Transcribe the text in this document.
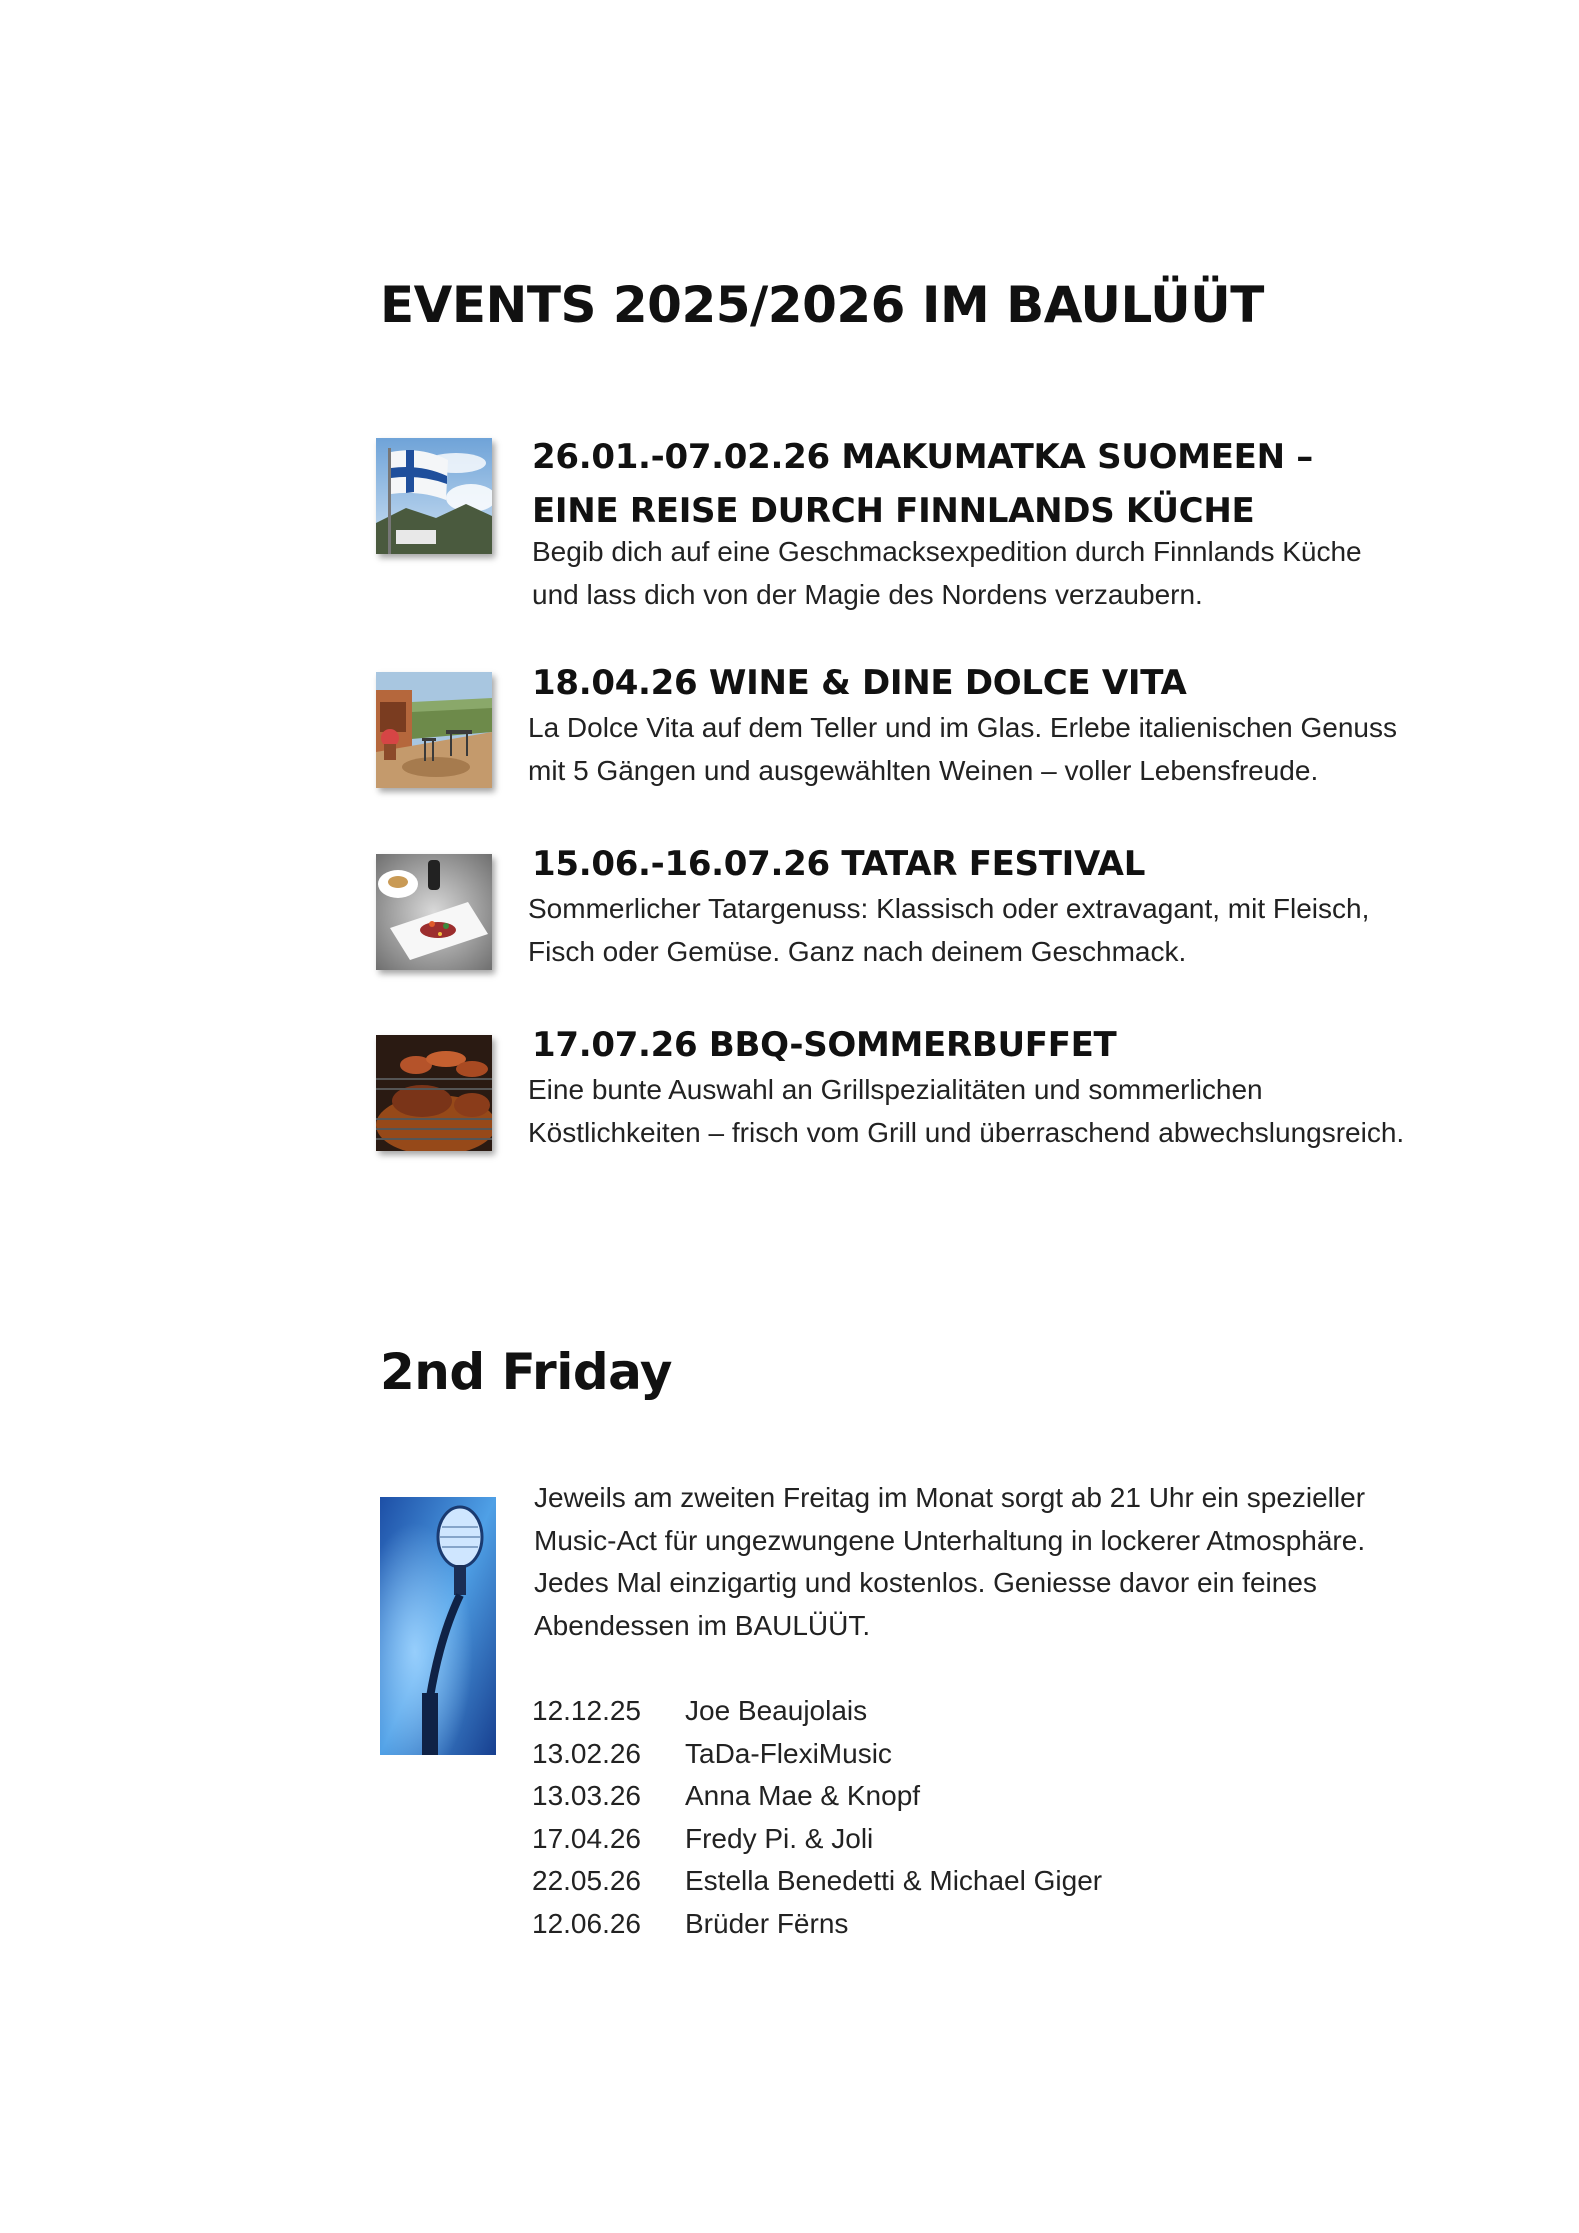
EVENTS 2025/2026 IM BAULÜÜT

26.01.-07.02.26 MAKUMATKA SUOMEEN –

EINE REISE DURCH FINNLANDS KÜCHE

Begib dich auf eine Geschmacksexpedition durch Finnlands Küche

und lass dich von der Magie des Nordens verzaubern.

18.04.26 WINE & DINE DOLCE VITA

La Dolce Vita auf dem Teller und im Glas. Erlebe italienischen Genuss

mit 5 Gängen und ausgewählten Weinen – voller Lebensfreude.

15.06.-16.07.26 TATAR FESTIVAL

Sommerlicher Tatargenuss: Klassisch oder extravagant, mit Fleisch,

Fisch oder Gemüse. Ganz nach deinem Geschmack.

17.07.26 BBQ-SOMMERBUFFET

Eine bunte Auswahl an Grillspezialitäten und sommerlichen

Köstlichkeiten – frisch vom Grill und überraschend abwechslungsreich.

2nd Friday
Jeweils am zweiten Freitag im Monat sorgt ab 21 Uhr ein spezieller
Music-Act für ungezwungene Unterhaltung in lockerer Atmosphäre.
Jedes Mal einzigartig und kostenlos. Geniesse davor ein feines
Abendessen im BAULÜÜT.
12.12.25	Joe Beaujolais
13.02.26	TaDa-FlexiMusic
13.03.26	Anna Mae & Knopf
17.04.26	Fredy Pi. & Joli
22.05.26	Estella Benedetti & Michael Giger
12.06.26	Brüder Fërns
